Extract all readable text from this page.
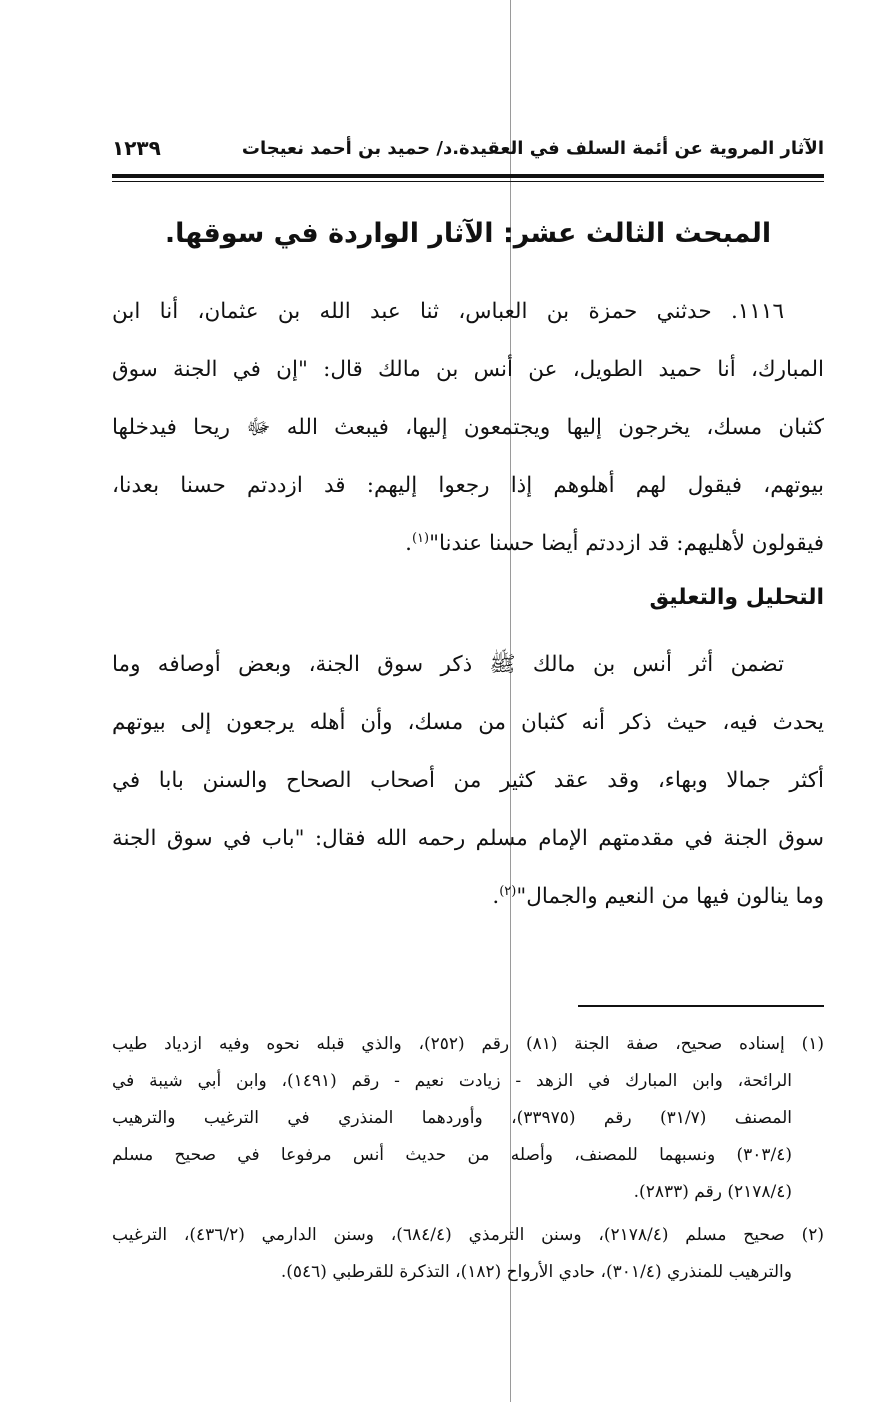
الآثار المروية عن أئمة السلف في العقيدة.د/ حميد بن أحمد نعيجات
١٢٣٩
المبحث الثالث عشر: الآثار الواردة في سوقها.
١١١٦. حدثني حمزة بن العباس، ثنا عبد الله بن عثمان، أنا ابن
المبارك، أنا حميد الطويل، عن أنس بن مالك قال: "إن في الجنة سوق
كثبان مسك، يخرجون إليها ويجتمعون إليها، فيبعث الله ﷻ ريحا فيدخلها
بيوتهم، فيقول لهم أهلوهم إذا رجعوا إليهم: قد ازددتم حسنا بعدنا،
فيقولون لأهليهم: قد ازددتم أيضا حسنا عندنا"$^{(١)}$.
التحليل والتعليق
تضمن أثر أنس بن مالك ﷺ ذكر سوق الجنة، وبعض أوصافه وما
يحدث فيه، حيث ذكر أنه كثبان من مسك، وأن أهله يرجعون إلى بيوتهم
أكثر جمالا وبهاء، وقد عقد كثير من أصحاب الصحاح والسنن بابا في
سوق الجنة في مقدمتهم الإمام مسلم رحمه الله فقال: "باب في سوق الجنة
وما ينالون فيها من النعيم والجمال"$^{(٢)}$.
(١) إسناده صحيح، صفة الجنة (٨١) رقم (٢٥٢)، والذي قبله نحوه وفيه ازدياد طيب
الرائحة، وابن المبارك في الزهد - زيادت نعيم - رقم (١٤٩١)، وابن أبي شيبة في
المصنف (٣١/٧) رقم (٣٣٩٧٥)، وأوردهما المنذري في الترغيب والترهيب
(٣٠٣/٤) ونسبهما للمصنف، وأصله من حديث أنس مرفوعا في صحيح مسلم
(٢١٧٨/٤) رقم (٢٨٣٣).
(٢) صحيح مسلم (٢١٧٨/٤)، وسنن الترمذي (٦٨٤/٤)، وسنن الدارمي (٤٣٦/٢)، الترغيب
والترهيب للمنذري (٣٠١/٤)، حادي الأرواح (١٨٢)، التذكرة للقرطبي (٥٤٦).
